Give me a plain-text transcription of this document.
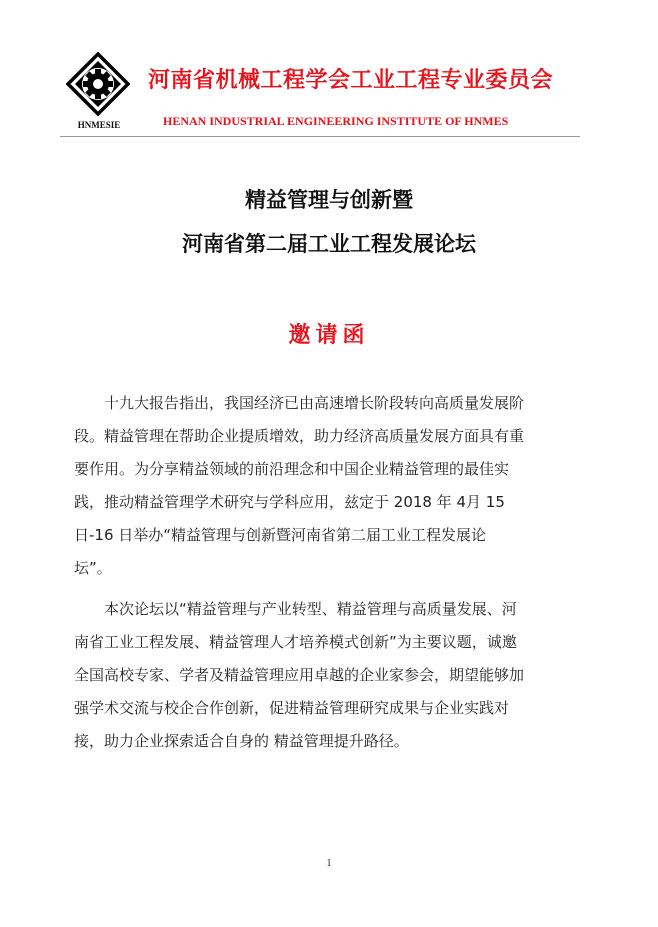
HNMESIE
河南省机械工程学会工业工程专业委员会
HENAN INDUSTRIAL ENGINEERING INSTITUTE OF HNMES
精益管理与创新暨
河南省第二届工业工程发展论坛
邀请函
十九大报告指出，我国经济已由高速增长阶段转向高质量发展阶
段。精益管理在帮助企业提质增效，助力经济高质量发展方面具有重
要作用。为分享精益领域的前沿理念和中国企业精益管理的最佳实
践，推动精益管理学术研究与学科应用，兹定于 2018 年 4月 15
日-16 日举办“精益管理与创新暨河南省第二届工业工程发展论
坛”。
本次论坛以“精益管理与产业转型、精益管理与高质量发展、河
南省工业工程发展、精益管理人才培养模式创新”为主要议题，诚邀
全国高校专家、学者及精益管理应用卓越的企业家参会，期望能够加
强学术交流与校企合作创新，促进精益管理研究成果与企业实践对
接，助力企业探索适合自身的 精益管理提升路径。
1
